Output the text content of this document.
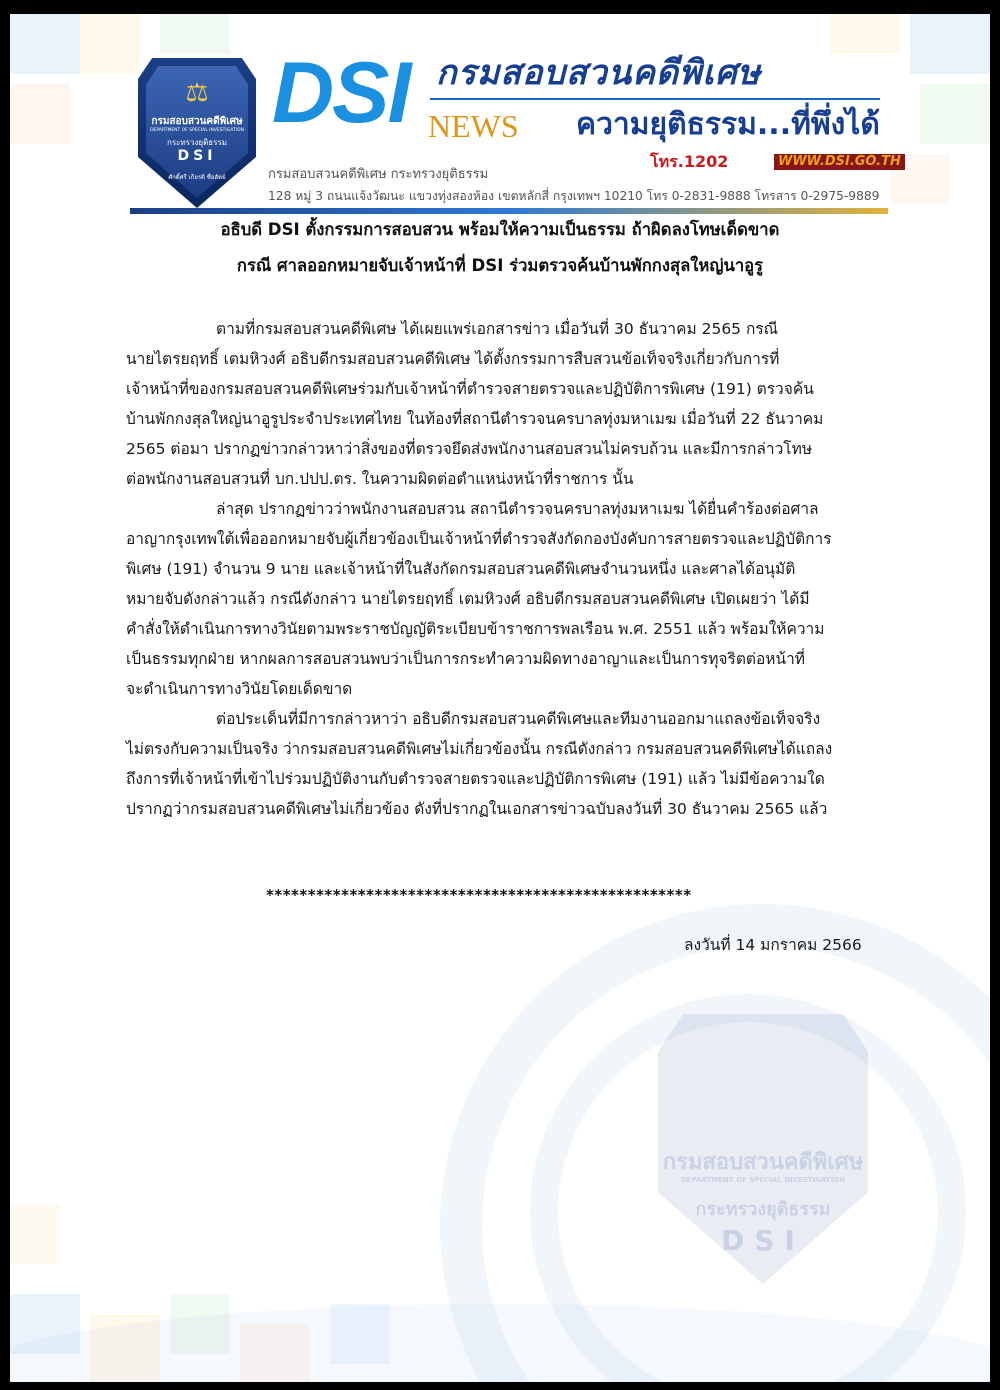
กรมสอบสวนคดีพิเศษ
DEPARTMENT OF SPECIAL INVESTIGATION
กระทรวงยุติธรรม
DSI
กรมสอบสวนคดีพิเศษ
DEPARTMENT OF SPECIAL INVESTIGATION
กระทรวงยุติธรรม
DSI
ศักดิ์ศรี เกียรติ ซื่อสัตย์
⚖ DSI NEWS
กรมสอบสวนคดีพิเศษ
ความยุติธรรม...ที่พึ่งได้
โทร.1202	WWW.DSI.GO.TH
กรมสอบสวนคดีพิเศษ กระทรวงยุติธรรม
128 หมู่ 3 ถนนแจ้งวัฒนะ แขวงทุ่งสองห้อง เขตหลักสี่ กรุงเทพฯ 10210 โทร 0-2831-9888 โทรสาร 0-2975-9889
อธิบดี DSI ตั้งกรรมการสอบสวน พร้อมให้ความเป็นธรรม ถ้าผิดลงโทษเด็ดขาด
กรณี ศาลออกหมายจับเจ้าหน้าที่ DSI ร่วมตรวจค้นบ้านพักกงสุลใหญ่นาอูรู
ตามที่กรมสอบสวนคดีพิเศษ ได้เผยแพร่เอกสารข่าว เมื่อวันที่ 30 ธันวาคม 2565 กรณี
นายไตรยฤทธิ์ เตมหิวงศ์ อธิบดีกรมสอบสวนคดีพิเศษ ได้ตั้งกรรมการสืบสวนข้อเท็จจริงเกี่ยวกับการที่
เจ้าหน้าที่ของกรมสอบสวนคดีพิเศษร่วมกับเจ้าหน้าที่ตำรวจสายตรวจและปฏิบัติการพิเศษ (191) ตรวจค้น
บ้านพักกงสุลใหญ่นาอูรูประจำประเทศไทย ในท้องที่สถานีตำรวจนครบาลทุ่งมหาเมฆ เมื่อวันที่ 22 ธันวาคม
2565 ต่อมา ปรากฏข่าวกล่าวหาว่าสิ่งของที่ตรวจยึดส่งพนักงานสอบสวนไม่ครบถ้วน และมีการกล่าวโทษ
ต่อพนักงานสอบสวนที่ บก.ปปป.ตร. ในความผิดต่อตำแหน่งหน้าที่ราชการ นั้น
ล่าสุด ปรากฏข่าวว่าพนักงานสอบสวน สถานีตำรวจนครบาลทุ่งมหาเมฆ ได้ยื่นคำร้องต่อศาล
อาญากรุงเทพใต้เพื่อออกหมายจับผู้เกี่ยวข้องเป็นเจ้าหน้าที่ตำรวจสังกัดกองบังคับการสายตรวจและปฏิบัติการ
พิเศษ (191) จำนวน 9 นาย และเจ้าหน้าที่ในสังกัดกรมสอบสวนคดีพิเศษจำนวนหนึ่ง และศาลได้อนุมัติ
หมายจับดังกล่าวแล้ว กรณีดังกล่าว นายไตรยฤทธิ์ เตมหิวงศ์ อธิบดีกรมสอบสวนคดีพิเศษ เปิดเผยว่า ได้มี
คำสั่งให้ดำเนินการทางวินัยตามพระราชบัญญัติระเบียบข้าราชการพลเรือน พ.ศ. 2551 แล้ว พร้อมให้ความ
เป็นธรรมทุกฝ่าย หากผลการสอบสวนพบว่าเป็นการกระทำความผิดทางอาญาและเป็นการทุจริตต่อหน้าที่
จะดำเนินการทางวินัยโดยเด็ดขาด
ต่อประเด็นที่มีการกล่าวหาว่า อธิบดีกรมสอบสวนคดีพิเศษและทีมงานออกมาแถลงข้อเท็จจริง
ไม่ตรงกับความเป็นจริง ว่ากรมสอบสวนคดีพิเศษไม่เกี่ยวข้องนั้น กรณีดังกล่าว กรมสอบสวนคดีพิเศษได้แถลง
ถึงการที่เจ้าหน้าที่เข้าไปร่วมปฏิบัติงานกับตำรวจสายตรวจและปฏิบัติการพิเศษ (191) แล้ว ไม่มีข้อความใด
ปรากฏว่ากรมสอบสวนคดีพิเศษไม่เกี่ยวข้อง ดังที่ปรากฏในเอกสารข่าวฉบับลงวันที่ 30 ธันวาคม 2565 แล้ว
***************************************************
ลงวันที่ 14 มกราคม 2566
